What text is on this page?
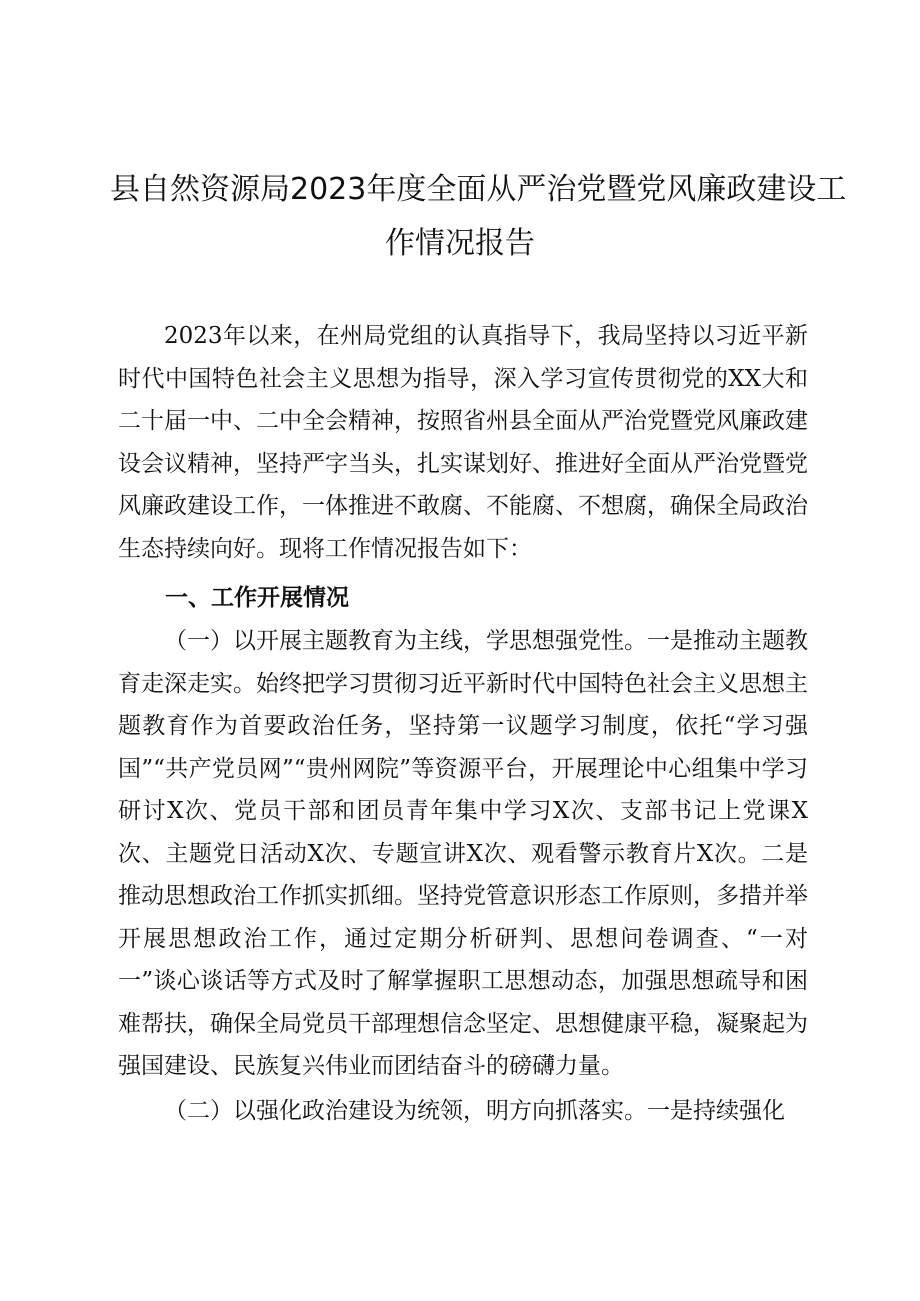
县自然资源局2023年度全面从严治党暨党风廉政建设工
作情况报告

2023年以来，在州局党组的认真指导下，我局坚持以习近平新时代中国特色社会主义思想为指导，深入学习宣传贯彻党的XX大和二十届一中、二中全会精神，按照省州县全面从严治党暨党风廉政建设会议精神，坚持严字当头，扎实谋划好、推进好全面从严治党暨党风廉政建设工作，一体推进不敢腐、不能腐、不想腐，确保全局政治生态持续向好。现将工作情况报告如下：

一、工作开展情况

（一）以开展主题教育为主线，学思想强党性。一是推动主题教育走深走实。始终把学习贯彻习近平新时代中国特色社会主义思想主题教育作为首要政治任务，坚持第一议题学习制度，依托“学习强国”“共产党员网”“贵州网院”等资源平台，开展理论中心组集中学习研讨X次、党员干部和团员青年集中学习X次、支部书记上党课X次、主题党日活动X次、专题宣讲X次、观看警示教育片X次。二是推动思想政治工作抓实抓细。坚持党管意识形态工作原则，多措并举开展思想政治工作，通过定期分析研判、思想问卷调查、“一对一”谈心谈话等方式及时了解掌握职工思想动态，加强思想疏导和困难帮扶，确保全局党员干部理想信念坚定、思想健康平稳，凝聚起为强国建设、民族复兴伟业而团结奋斗的磅礴力量。

（二）以强化政治建设为统领，明方向抓落实。一是持续强化
